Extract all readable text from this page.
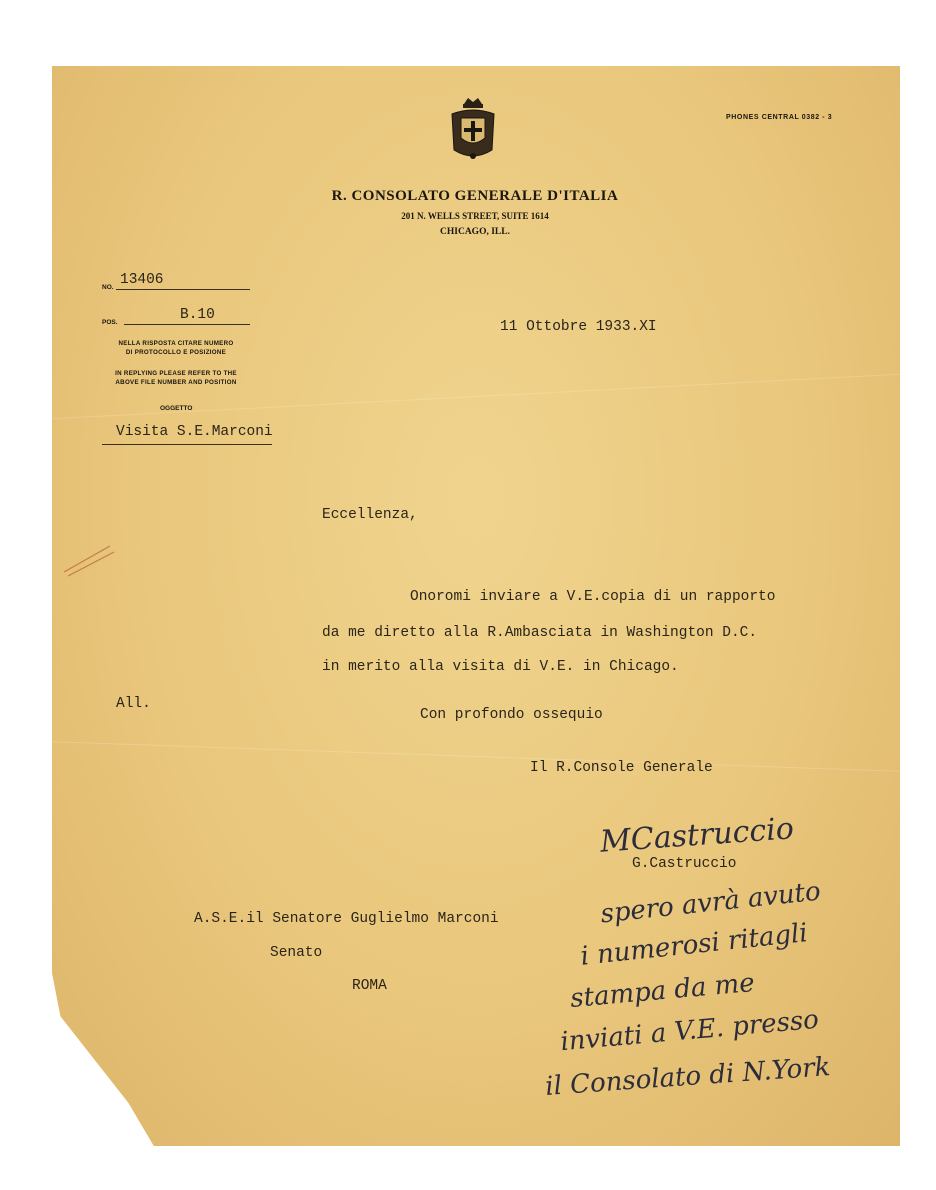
R. CONSOLATO GENERALE D'ITALIA
201 N. WELLS STREET, SUITE 1614
CHICAGO, ILL.
PHONES CENTRAL 0382 - 3
NO. 13406
POS.	B.10
NELLA RISPOSTA CITARE NUMERO
DI PROTOCOLLO E POSIZIONE
IN REPLYING PLEASE REFER TO THE
ABOVE FILE NUMBER AND POSITION
OGGETTO
Visita S.E.Marconi
11 Ottobre 1933.XI
Eccellenza,
Onoromi inviare a V.E.copia di un rapporto
da me diretto alla R.Ambasciata in Washington D.C.
in merito alla visita di V.E. in Chicago.
All.
Con profondo ossequio
Il R.Console Generale
MCastruccio
G.Castruccio
A.S.E.il Senatore Guglielmo Marconi
Senato
ROMA
spero avrà avuto
i numerosi ritagli
stampa da me
inviati a V.E. presso
il Consolato di N.York
